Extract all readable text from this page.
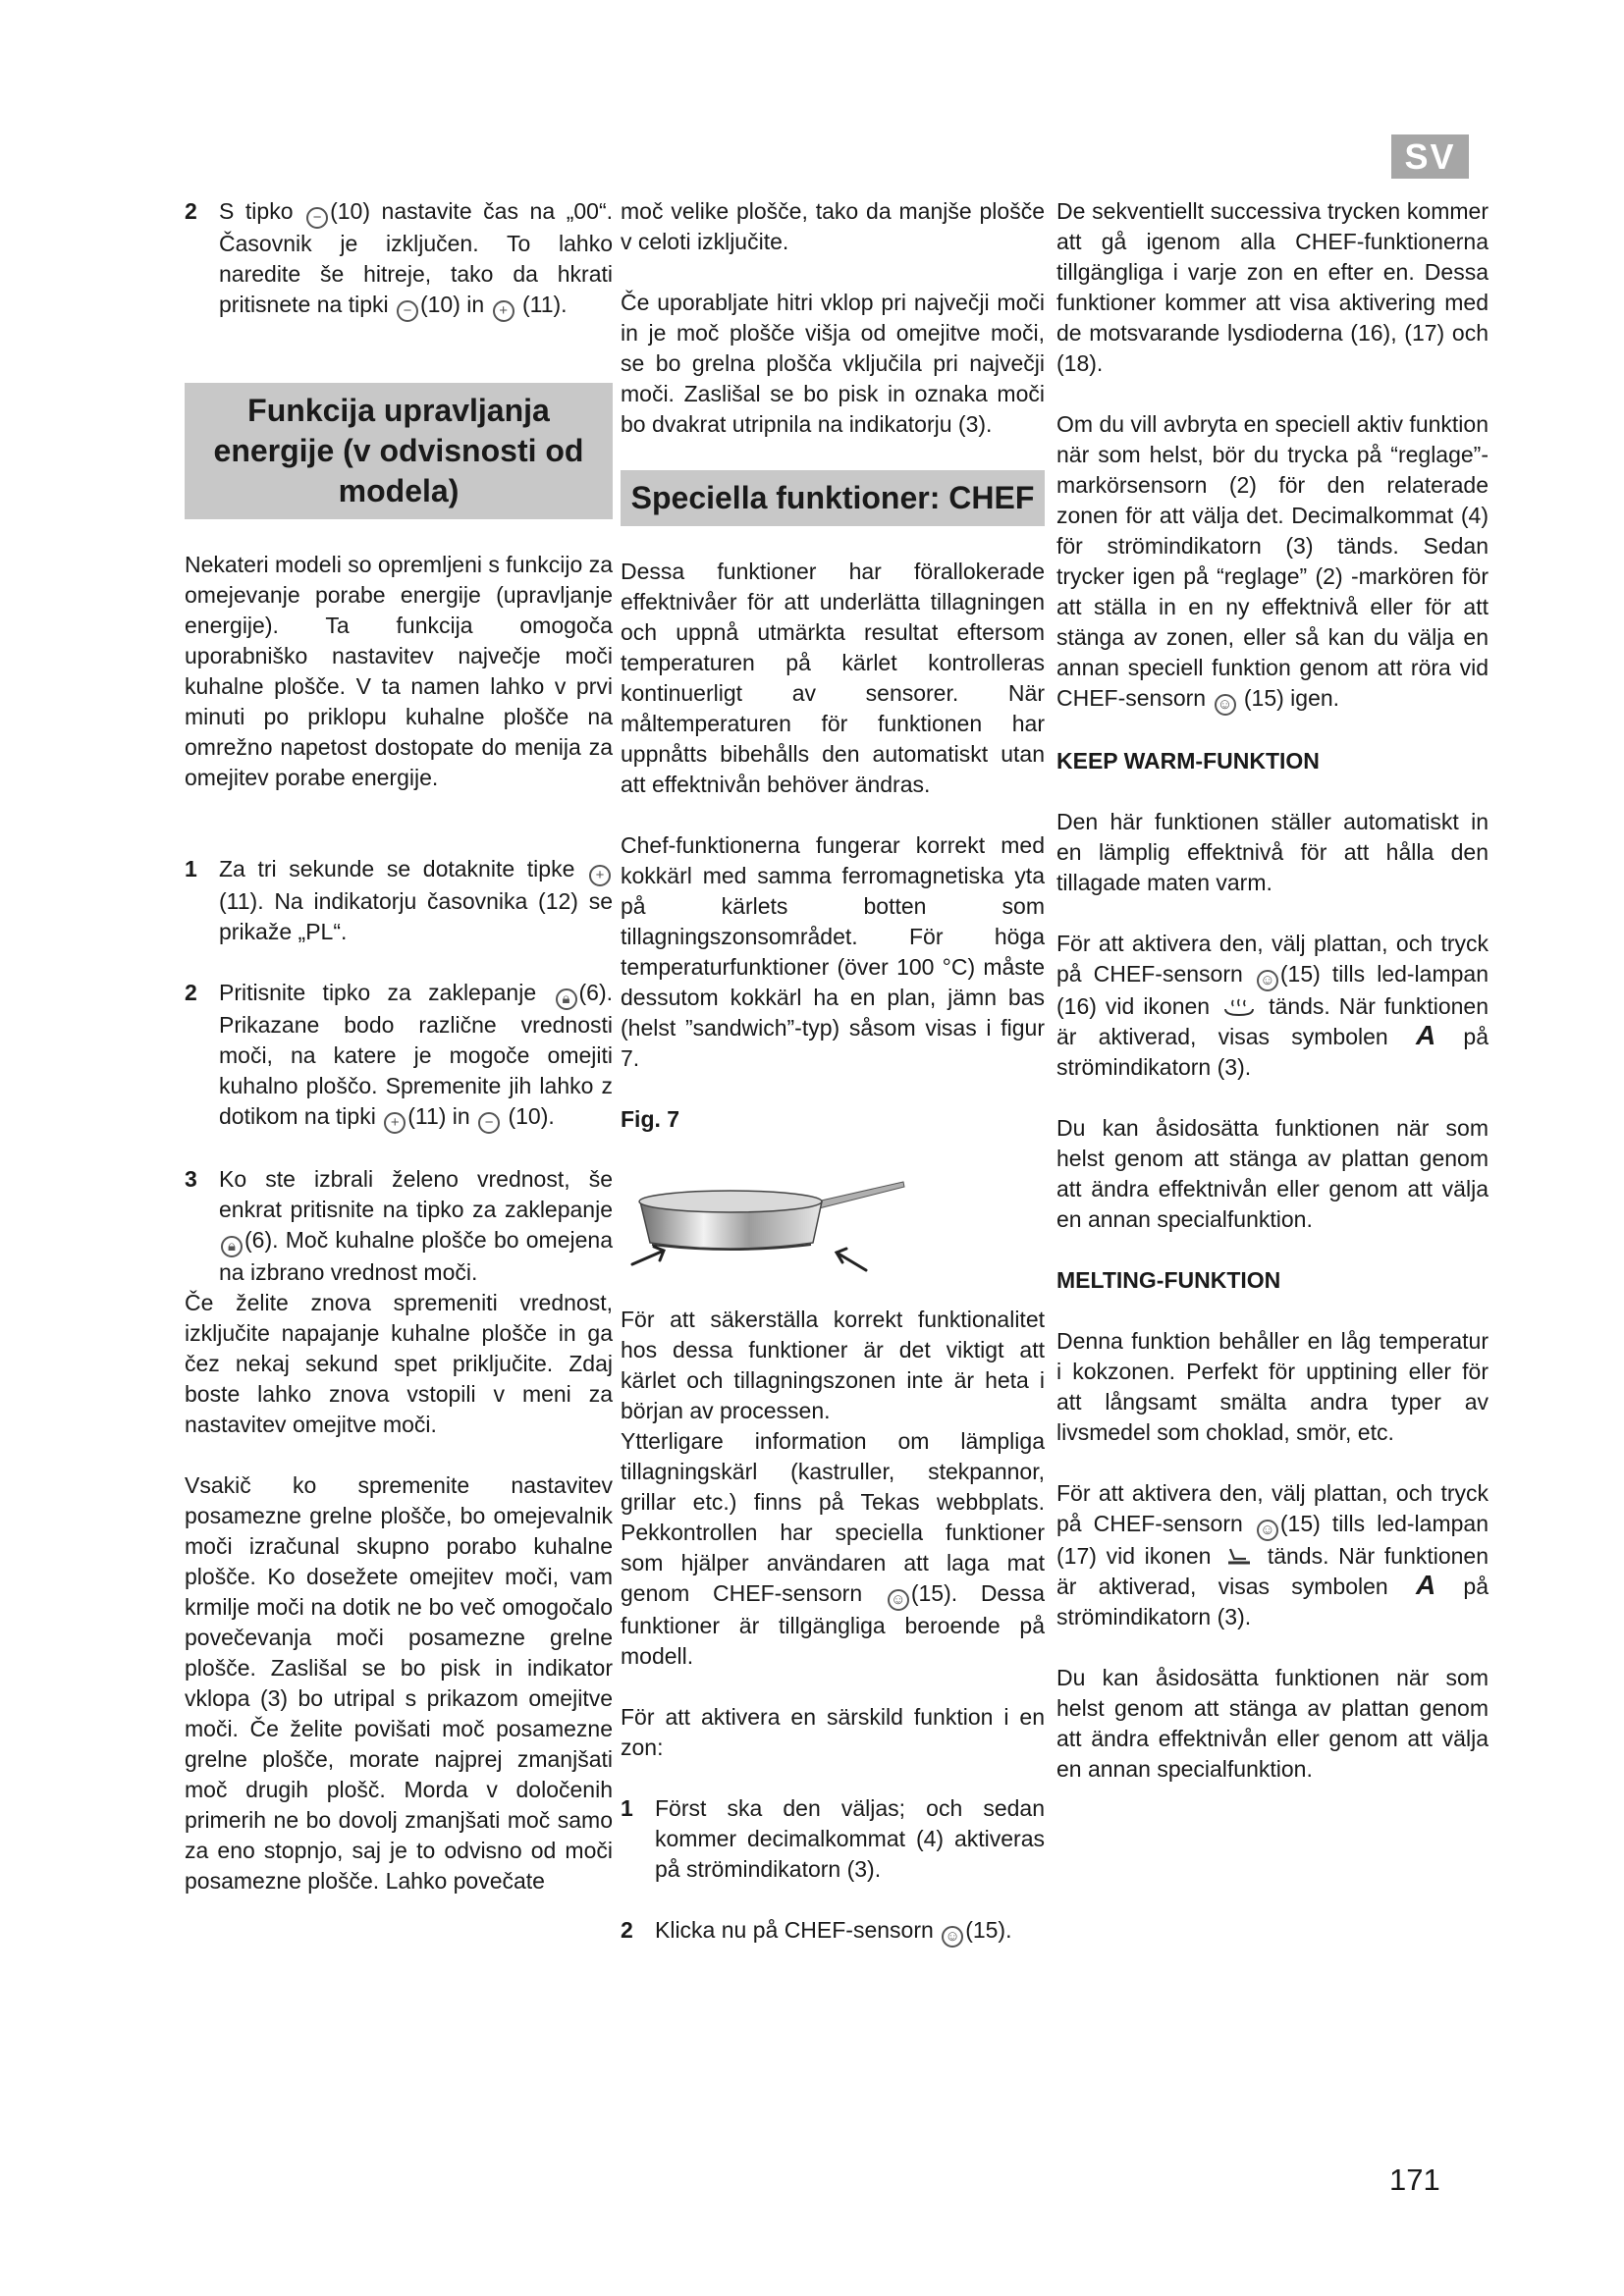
SV
2 S tipko − (10) nastavite čas na „00“. Časovnik je izključen. To lahko naredite še hitreje, tako da hkrati pritisnete na tipki − (10) in + (11).
Funkcija upravljanja energije (v odvisnosti od modela)

Nekateri modeli so opremljeni s funkcijo za omejevanje porabe energije (upravljanje energije). Ta funkcija omogoča uporabniško nastavitev največje moči kuhalne plošče. V ta namen lahko v prvi minuti po priklopu kuhalne plošče na omrežno napetost dostopate do menija za omejitev porabe energije.

1 Za tri sekunde se dotaknite tipke + (11). Na indikatorju časovnika (12) se prikaže „PL“.
2 Pritisnite tipko za zaklepanje 🔒︎ (6). Prikazane bodo različne vrednosti moči, na katere je mogoče omejiti kuhalno ploščo. Spremenite jih lahko z dotikom na tipki + (11) in − (10).
3 Ko ste izbrali želeno vrednost, še enkrat pritisnite na tipko za zaklepanje 🔒︎ (6). Moč kuhalne plošče bo omejena na izbrano vrednost moči.

Če želite znova spremeniti vrednost, izključite napajanje kuhalne plošče in ga čez nekaj sekund spet priključite. Zdaj boste lahko znova vstopili v meni za nastavitev omejitve moči.

Vsakič ko spremenite nastavitev posamezne grelne plošče, bo omejevalnik moči izračunal skupno porabo kuhalne plošče. Ko dosežete omejitev moči, vam krmilje moči na dotik ne bo več omogočalo povečevanja moči posamezne grelne plošče. Zaslišal se bo pisk in indikator vklopa (3) bo utripal s prikazom omejitve moči. Če želite povišati moč posamezne grelne plošče, morate najprej zmanjšati moč drugih plošč. Morda v določenih primerih ne bo dovolj zmanjšati moč samo za eno stopnjo, saj je to odvisno od moči posamezne plošče. Lahko povečate

moč velike plošče, tako da manjše plošče v celoti izključite.

Če uporabljate hitri vklop pri največji moči in je moč plošče višja od omejitve moči, se bo grelna plošča vključila pri največji moči. Zaslišal se bo pisk in oznaka moči bo dvakrat utripnila na indikatorju (3).

Speciella funktioner: CHEF

Dessa funktioner har förallokerade effektnivåer för att underlätta tillagningen och uppnå utmärkta resultat eftersom temperaturen på kärlet kontrolleras kontinuerligt av sensorer. När måltemperaturen för funktionen har uppnåtts bibehålls den automatiskt utan att effektnivån behöver ändras.

Chef-funktionerna fungerar korrekt med kokkärl med samma ferromagnetiska yta på kärlets botten som tillagningszonsområdet. För höga temperaturfunktioner (över 100 °C) måste dessutom kokkärl ha en plan, jämn bas (helst ”sandwich”-typ) såsom visas i figur 7.

Fig. 7

För att säkerställa korrekt funktionalitet hos dessa funktioner är det viktigt att kärlet och tillagningszonen inte är heta i början av processen.

Ytterligare information om lämpliga tillagningskärl (kastruller, stekpannor, grillar etc.) finns på Tekas webbplats. Pekkontrollen har speciella funktioner som hjälper användaren att laga mat genom CHEF-sensorn ☺ (15). Dessa funktioner är tillgängliga beroende på modell.

För att aktivera en särskild funktion i en zon:

1 Först ska den väljas; och sedan kommer decimalkommat (4) aktiveras på strömindikatorn (3).
2 Klicka nu på CHEF-sensorn ☺ (15).

De sekventiellt successiva trycken kommer att gå igenom alla CHEF-funktionerna tillgängliga i varje zon en efter en. Dessa funktioner kommer att visa aktivering med de motsvarande lysdioderna (16), (17) och (18).

Om du vill avbryta en speciell aktiv funktion när som helst, bör du trycka på “reglage”-markörsensorn (2) för den relaterade zonen för att välja det. Decimalkommat (4) för strömindikatorn (3) tänds. Sedan trycker igen på “reglage” (2) -markören för att ställa in en ny effektnivå eller för att stänga av zonen, eller så kan du välja en annan speciell funktion genom att röra vid CHEF-sensorn ☺ (15) igen.

KEEP WARM-FUNKTION

Den här funktionen ställer automatiskt in en lämplig effektnivå för att hålla den tillagade maten varm.

För att aktivera den, välj plattan, och tryck på CHEF-sensorn ☺ (15) tills led-lampan (16) vid ikonen	tänds. När funktionen är aktiverad, visas symbolen A på strömindikatorn (3).

Du kan åsidosätta funktionen när som helst genom att stänga av plattan genom att ändra effektnivån eller genom att välja en annan specialfunktion.

MELTING-FUNKTION

Denna funktion behåller en låg temperatur i kokzonen. Perfekt för upptining eller för att långsamt smälta andra typer av livsmedel som choklad, smör, etc.

För att aktivera den, välj plattan, och tryck på CHEF-sensorn ☺ (15) tills led-lampan (17) vid ikonen tänds. När funktionen är aktiverad, visas symbolen A på strömindikatorn (3).

Du kan åsidosätta funktionen när som helst genom att stänga av plattan genom att ändra effektnivån eller genom att välja en annan specialfunktion.

171
